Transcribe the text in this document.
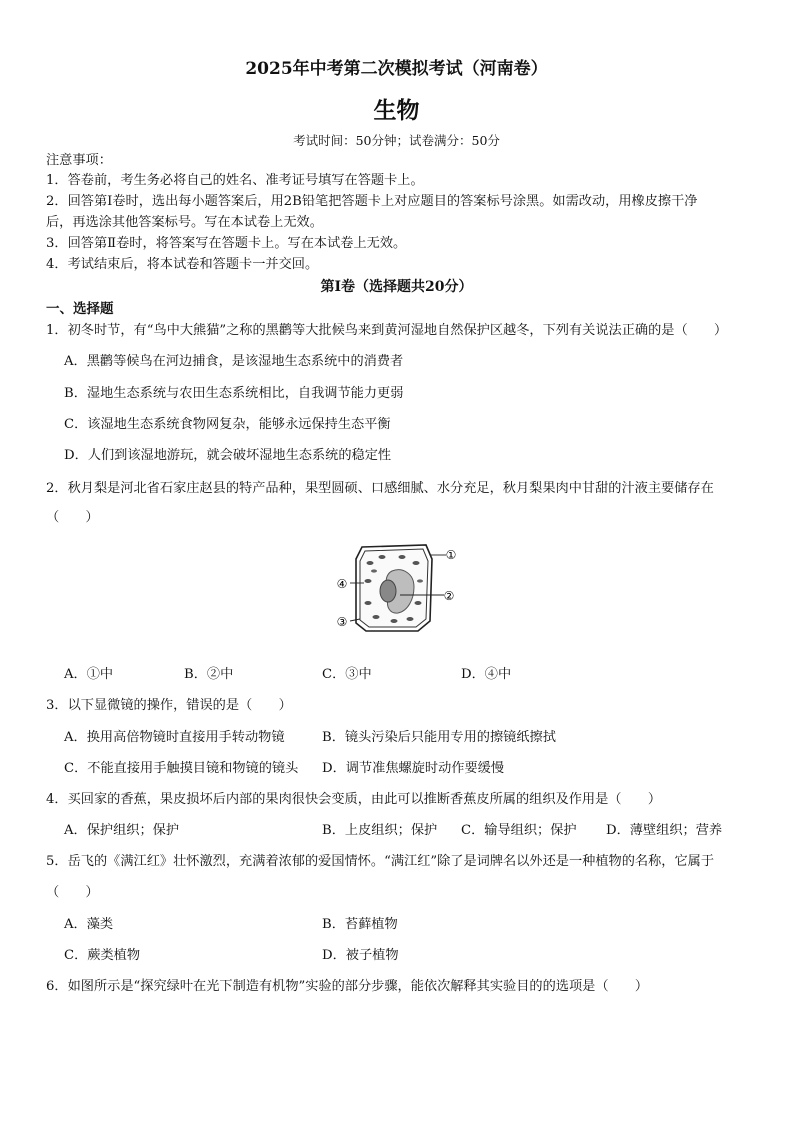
2025年中考第二次模拟考试（河南卷）
生物
考试时间：50分钟；试卷满分：50分
注意事项：
1．答卷前，考生务必将自己的姓名、准考证号填写在答题卡上。
2．回答第Ⅰ卷时，选出每小题答案后，用2B铅笔把答题卡上对应题目的答案标号涂黑。如需改动，用橡皮擦干净
后，再选涂其他答案标号。写在本试卷上无效。
3．回答第Ⅱ卷时，将答案写在答题卡上。写在本试卷上无效。
4．考试结束后，将本试卷和答题卡一并交回。
第Ⅰ卷（选择题共20分）
一、选择题
1．初冬时节，有“鸟中大熊猫”之称的黑鹳等大批候鸟来到黄河湿地自然保护区越冬，下列有关说法正确的是（　　）
A．黑鹳等候鸟在河边捕食，是该湿地生态系统中的消费者
B．湿地生态系统与农田生态系统相比，自我调节能力更弱
C．该湿地生态系统食物网复杂，能够永远保持生态平衡
D．人们到该湿地游玩，就会破坏湿地生态系统的稳定性
2．秋月梨是河北省石家庄赵县的特产品种，果型圆硕、口感细腻、水分充足，秋月梨果肉中甘甜的汁液主要储存在
（　　）
①
②
③
④
A．①中	B．②中	C．③中	D．④中
3．以下显微镜的操作，错误的是（　　）
A．换用高倍物镜时直接用手转动物镜	B．镜头污染后只能用专用的擦镜纸擦拭
C．不能直接用手触摸目镜和物镜的镜头 D．调节准焦螺旋时动作要缓慢
4．买回家的香蕉，果皮损坏后内部的果肉很快会变质，由此可以推断香蕉皮所属的组织及作用是（　　）
A．保护组织；保护	B．上皮组织；保护 C．输导组织；保护 D．薄壁组织；营养
5．岳飞的《满江红》壮怀激烈，充满着浓郁的爱国情怀。“满江红”除了是词牌名以外还是一种植物的名称，它属于
（　　）
A．藻类	B．苔藓植物
C．蕨类植物	D．被子植物
6．如图所示是“探究绿叶在光下制造有机物”实验的部分步骤，能依次解释其实验目的的选项是（　　）
